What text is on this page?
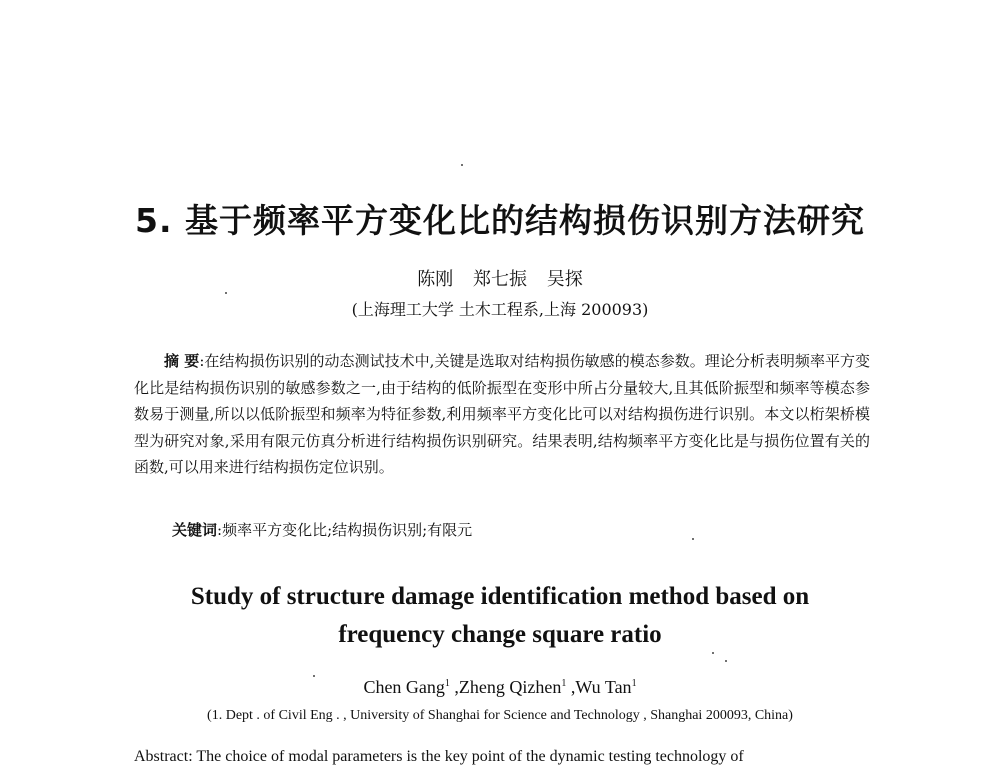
5. 基于频率平方变化比的结构损伤识别方法研究

陈刚 郑七振 吴探

(上海理工大学 土木工程系,上海 200093)

摘 要:在结构损伤识别的动态测试技术中,关键是选取对结构损伤敏感的模态参数。理论分析表明频率平方变化比是结构损伤识别的敏感参数之一,由于结构的低阶振型在变形中所占分量较大,且其低阶振型和频率等模态参数易于测量,所以以低阶振型和频率为特征参数,利用频率平方变化比可以对结构损伤进行识别。本文以桁架桥模型为研究对象,采用有限元仿真分析进行结构损伤识别研究。结果表明,结构频率平方变化比是与损伤位置有关的函数,可以用来进行结构损伤定位识别。

关键词:频率平方变化比;结构损伤识别;有限元

Study of structure damage identification method based on
frequency change square ratio

Chen Gang$^1$ ,Zheng Qizhen$^1$ ,Wu Tan$^1$

(1. Dept . of Civil Eng . , University of Shanghai for Science and Technology , Shanghai 200093, China)

Abstract: The choice of modal parameters is the key point of the dynamic testing technology of
